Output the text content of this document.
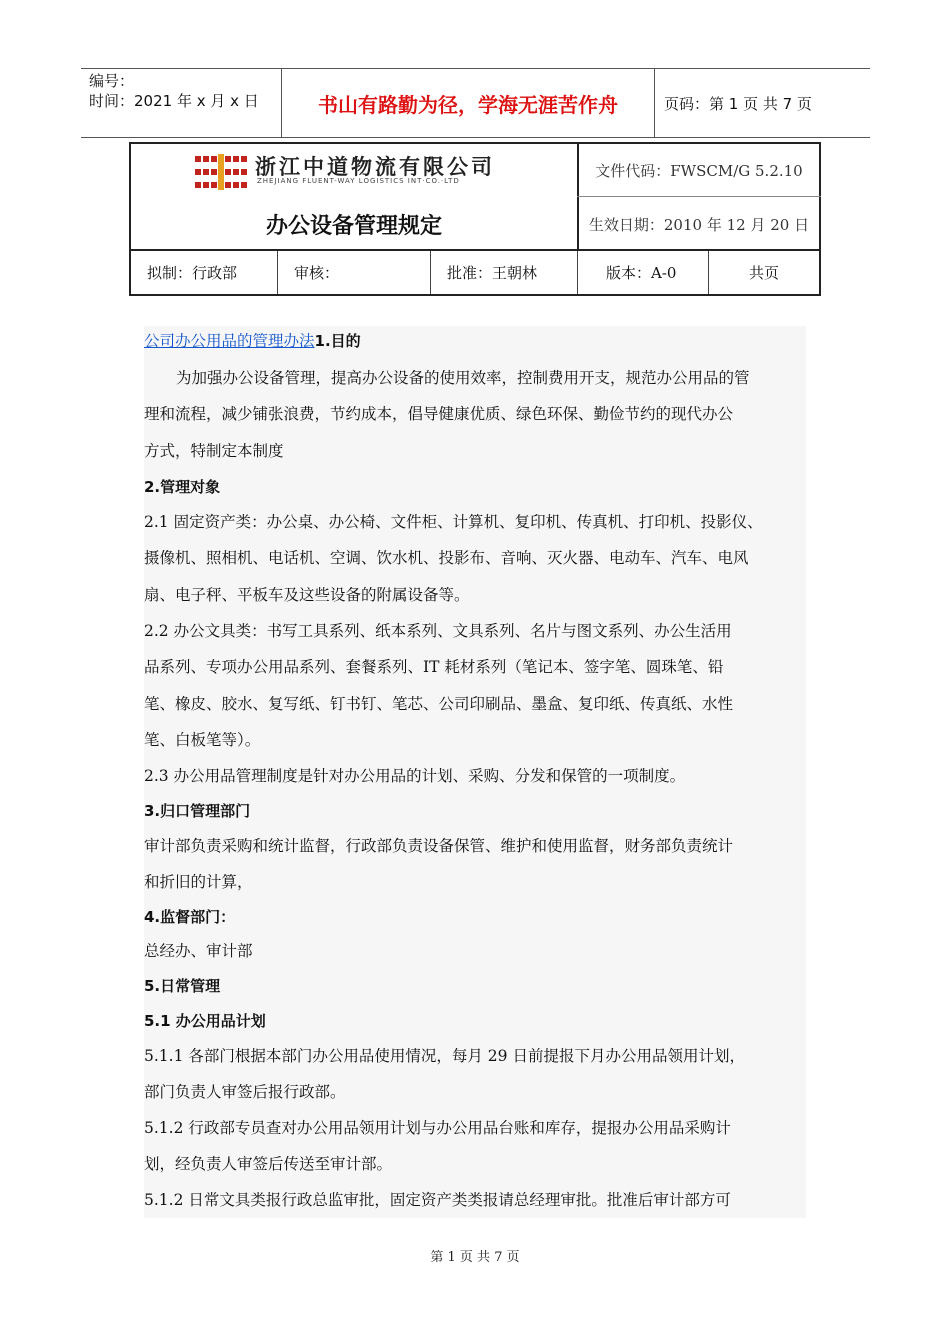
编号：
时间：2021 年 x 月 x 日	书山有路勤为径，学海无涯苦作舟	页码：第 1 页 共 7 页
浙江中道物流有限公司
ZHEJIANG FLUENT-WAY LOGISTICS INT·CO.·LTD
办公设备管理规定
文件代码：FWSCM/G 5.2.10
生效日期：2010 年 12 月 20 日
拟制：行政部	审核：	批准：王朝林	版本：A-0	共页
公司办公用品的管理办法1.目的
为加强办公设备管理，提高办公设备的使用效率，控制费用开支，规范办公用品的管
理和流程，减少铺张浪费，节约成本，倡导健康优质、绿色环保、勤俭节约的现代办公
方式，特制定本制度
2.管理对象
2.1 固定资产类：办公桌、办公椅、文件柜、计算机、复印机、传真机、打印机、投影仪、
摄像机、照相机、电话机、空调、饮水机、投影布、音响、灭火器、电动车、汽车、电风
扇、电子秤、平板车及这些设备的附属设备等。
2.2 办公文具类：书写工具系列、纸本系列、文具系列、名片与图文系列、办公生活用
品系列、专项办公用品系列、套餐系列、IT 耗材系列（笔记本、签字笔、圆珠笔、铅
笔、橡皮、胶水、复写纸、钉书钉、笔芯、公司印刷品、墨盒、复印纸、传真纸、水性
笔、白板笔等）。
2.3 办公用品管理制度是针对办公用品的计划、采购、分发和保管的一项制度。
3.归口管理部门
审计部负责采购和统计监督，行政部负责设备保管、维护和使用监督，财务部负责统计
和折旧的计算，
4.监督部门：
总经办、审计部
5.日常管理
5.1 办公用品计划
5.1.1 各部门根据本部门办公用品使用情况，每月 29 日前提报下月办公用品领用计划，
部门负责人审签后报行政部。
5.1.2 行政部专员查对办公用品领用计划与办公用品台账和库存，提报办公用品采购计
划，经负责人审签后传送至审计部。
5.1.2 日常文具类报行政总监审批，固定资产类类报请总经理审批。批准后审计部方可
第 1 页 共 7 页
